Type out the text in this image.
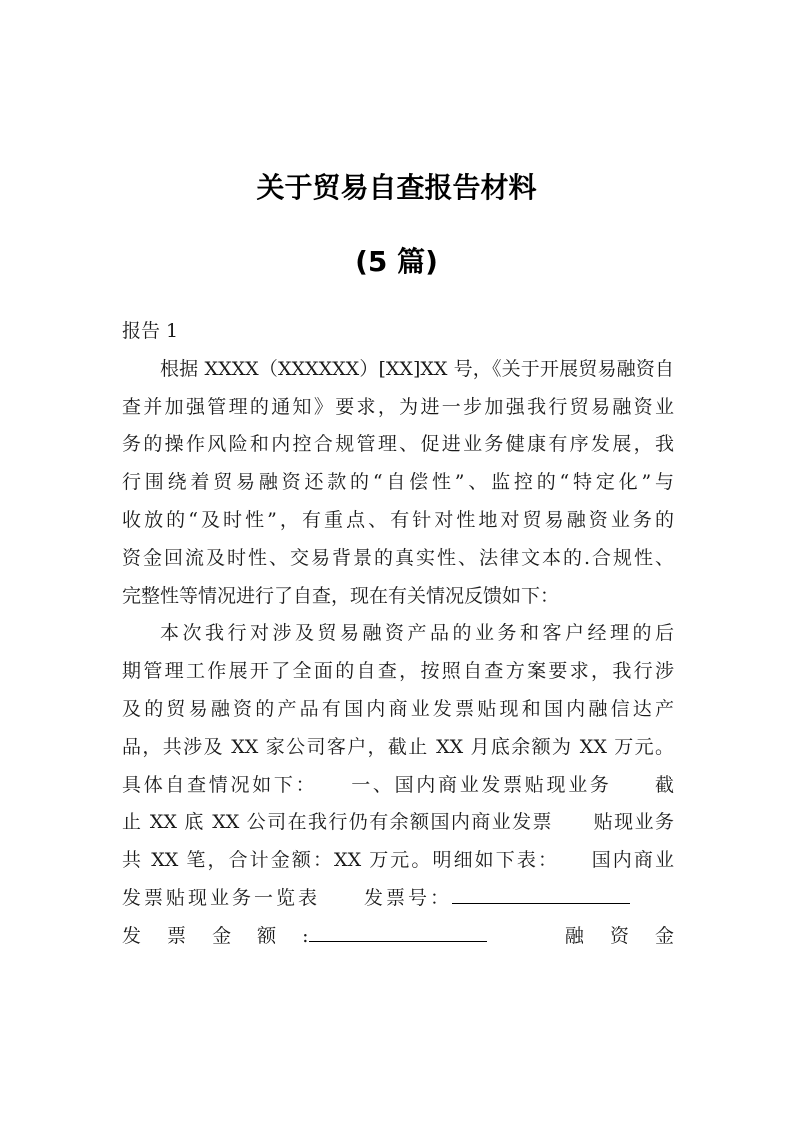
关于贸易自查报告材料
(5 篇)
报告 1
根据 XXXX（XXXXXX）[XX]XX 号，《关于开展贸易融资自
查并加强管理的通知》要求，为进一步加强我行贸易融资业
务的操作风险和内控合规管理、促进业务健康有序发展，我
行围绕着贸易融资还款的“自偿性”、监控的“特定化”与
收放的“及时性”，有重点、有针对性地对贸易融资业务的
资金回流及时性、交易背景的真实性、法律文本的.合规性、
完整性等情况进行了自查，现在有关情况反馈如下：
本次我行对涉及贸易融资产品的业务和客户经理的后
期管理工作展开了全面的自查，按照自查方案要求，我行涉
及的贸易融资的产品有国内商业发票贴现和国内融信达产
品，共涉及 XX 家公司客户，截止 XX 月底余额为 XX 万元。
具体自查情况如下：　　一、国内商业发票贴现业务　　截
止 XX 底 XX 公司在我行仍有余额国内商业发票　　贴现业务
共 XX 笔，合计金额：XX 万元。明细如下表：　　国内商业
发票贴现业务一览表　　发票号：
发 票 金 额 :	融 资 金
